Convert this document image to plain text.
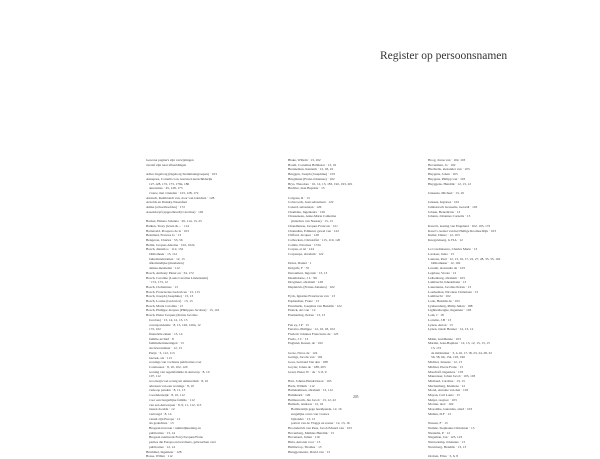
Register op persoonsnamen
Gewone pagina's zijn verwijzingen
cursief zijn naar afbeeldingen
Adler, Ingeborg (Ingeborg Steinmanngroepen) · 103
Annepass, Cornelia von, leerstoel-leerschilderijk
127-128, 172, 173, 179n, 186
annotaties · 45, 128, 175
vrouw, met vrienden · 123, 128, 172
Anslach, Rembrandt van, door van Gleichen · 128
Arnolds en Dansky-Nasenfarn
Amke (schoolhoofdes) · 172
Assendorpf (apppothoudt) Carolina) · 102
Backer, Helena Johanna · 26, 114, 13, 25
Balken, Trezy (leven & ... · 114
Barneveld, Prospero de la · 103
Beanland, Frances Jo · 13
Bengeron, Charles · 53, 56
Beltin, Jacques Antoine · 102, 102n
Bosch, dienstloo · 112, 132
bibliotheek · 13, 112
buitenlanderanten · 12, 13
afkomstelijke (meubelen)
dames-meubelen · 112
Bosch, Anthony Pieter en · 34, 172
Bosch, Caroline (Louis Caroline Lindenstein)
· 172, 173, 12
Bosch, Cleburnnes · 13
Bosch, Franciscius Ludovicus · 13, 113
Bosch, Joseph (Josephine) · 13, 13
Bosch, Louise (Ludovica) · 13, 13
Bosch, Maria Carolina · 13
Bosch, Philippe Jacques (Philippus Jacobus) · 13, 116
Bosch, Pieter Jacques (Petrus Jacobus
Jacobus) · 13, 14, 12, 13, 15
correspondentie · 8, 13, 126, 126n, 12
172, 102
financiële zaken · 13, 14
familie-archief · 8
familieherinneringen · 13
als brievenmaar · 12, 13
Parijs · 3, 112, 113
bezoek, als · 113
wonings van vochtens publicaties over
Cosmossee · 8, 10, 102, 120
woning van regentfamilie in Antwerp · 8, 10
107, 112
woonwijn van wonig uit Amsterdam · 8, 10
adressen van een wonings · 8, 10
verkoop panden · 8, 11, 13
voordelenwijk · 8, 10, 112
voor een burgerlijke familie · 112
van een Antwerpen · 8, 9, 11, 112, 113
tussen doodde · 12
vertraagd · 8, 14
vanuit zijn Europa · 12
als gedachten · 13
Bregaan-burcaan / ruimtelijkrening en
publicaties · 13, 14
Bregaan raamwerk Ferry/Jacques/Frans
parties die Europa en bevolkers, gebrauchen over
publicaties · 12, 14
Brummel, Ingenieur · 128
Bosse, Willen · 112
Blake, Willem · 13, 102
Boudt, Cornelius Balthasar · 13, 16
Brenneman, Kenneth · 12, 18, 22
Bruggen, Joseph (Josephine) · 103
Brugmann (Franz-Johannes) · 102
Brys, Theodore · 10, 12, 13, 183, 192, 193, 201
Buchler, Jean Baptiste · 13
Colgone, R · 13
Cobacoech, Jean sebastiaan · 122
Canard, sebastiaan · 126
Chamdau, Ingenieurs · 126
Chasseneau, Anne-Marie Catherina
(interdres van Nassau) · 13, 13
Chaudhanou, Jacques Francois · 121
Chanudias, Edmund, gewel van · 122
Cliffard, Jacques · 128
Colhockan, Christoffel · 115, 119, 120
Combs, Nicolaas · 172n
Corpus, et Al · 124
Corpusrpe, abraham · 122
Dolez, Daniel · 1
Dolgrifs, F · 55
Daroumest, Ingoruis · 13, 13
Duanhdorne, J L · 99
Drogmaer, abraham · 128
Dupleisvis (Franss-Johanna) · 102
Eyck, Ignatius Franciscus van · 13
Esphaufner, Franz · 13
Etresburik, Josephus van Hendrik · 122
Etanck, Ari van · 12
Ensmarting, Petrus · 13, 13
Fen ey, J P · 13
Ferreira, Philippe · 12, 16, 18, 102
Frederic Johnnes Franciscus de · 123
Fredo, J C · 13
England, Kessel, de · 102
Grote, Nicos de · 124
Gertigs, Jacobs van · 102
Goes, bertrand Van den · 188
Goyter, Johan de · 188, 203
Grael, Pieter W · de · 3, 8, 9
Hart, Johnna Hendrickson · 103
Hack, Willem · 112
Hallekamtsen, abraham · 13, 112
Hamilearh · 126
Helmsworth, Jan Jacob · 13, 12, 22
Hemsch, Andreas · 12, 16
Bomberstijk gege beeldpende, 12, 16
zergelijke overs van vrouwe
bijzonder · 13, 13
portret van de Vlaggs en zonne · 12, 13, 16
Hoorndertch van Paus, Jacob Eduard van · 103
Hovenberg, Mathias Hendrik · 13
Hovenaert, Julien · 116
Hula, Antonia voor · 13
Hullincrop, Thomas · 13
Hunggerstetter, David van · 13
Hoog, Jonas van · 102, 103
Hovenman, Jo · 102
Huchtelis, alexander van · 103
Huygens, Johan · 103
Huygens, Philipp van · 103
Huyggens, Hendrik · 12, 13, 12
Janssens, Michael · 13, 16
Janssen, Ingrioes · 102
Jamtstorsch Grasselis, Gerardi · 103
Jobsen, Benedictus · 13
Johann, Johannes Cornelis · 13
Karel ii, koning van Engeland · 102, 103, 172
Karel v, keizer van het Heilige Roomse Rijk · 103
Kuiler, Dieter · 12, 103
Kneyplelaerg, G H A · 12
Le Coudraiserre, Charles Marie · 13
Laroiser, Jules · 13
Laurens, Paul · 12, 13, 16, 17, 22, 27, 28, 33, 35, 102
bibliotheker · 12, 102
Lesomt, alexandre de · 103
Legrisse, Vroste · 12
Leibenburg, abraham · 103
Lambrecht, Isheatmann · 13
Laurentens, Jacobus Petrus · 13
Loerkeman, Nicolaas Christiaan · 13
Lambrecht · 102
Lode, Hendrik de · 103
Lyuheonharg, Philip Julian · 188
Lighttenberghe, Ingenieur · 103
Lom, J · 18
Lorrelie, J.B · 13
Lynen, Anton · 13
Lynen, Jakob Henner · 12, 13, 12
Malin, Guidlienne · 103
Maritin, Jean-Baptiste · 12, 13, 12, 13, 13, 15
13, 172
de mitlandaer · 3, 4-16, 17-18, 23, 24, 28, 32
56, 58, 66, 154, 193, 196
Michiel, Jansens · 12, 13
Michiel, Pierre Frans · 13
Maschaff, Ingeniere · 103
Maurenser, Johan Jacob · 103, 103
Michaud, Caroline · 13, 13
Mechenburg, Klemens · 12
Morel, Antoine van den · 103
Mayan, Carl Louis · 13
Meijer, reapver · 103
Mortier, alex · 102
Mosombe, laurentus, alard · 103
Mullen, D.F · 13
Nassen, F · 13
Nemde, Stephanus Christiaan · 13
Nientelis, P · 12
Nugeman, Jan · 123, 123
Nutsvelemp, Johannus · 13
Newnberg, Hendrik · 13, 13
Oroben, Elias · 3, 6, 8
205
